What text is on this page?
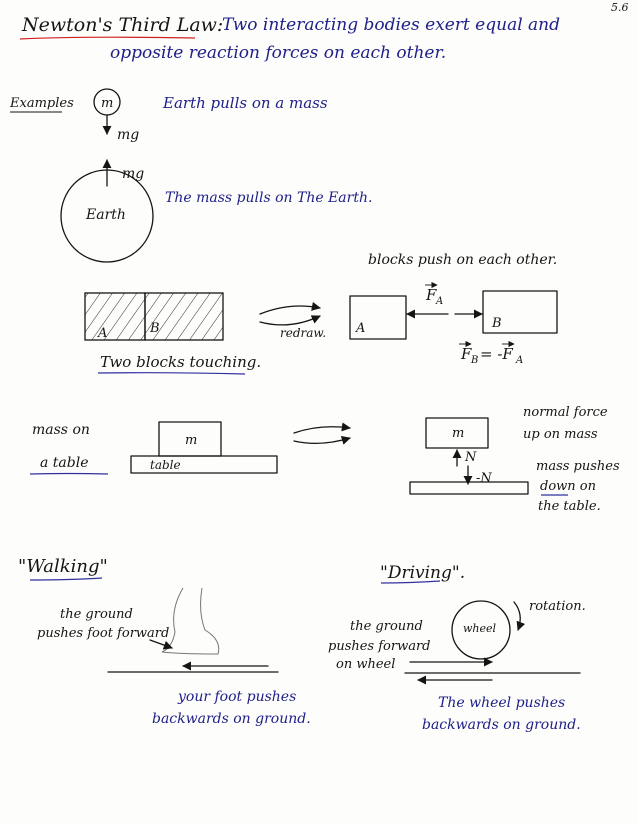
5.6
Newton's Third Law:
Two interacting bodies exert equal and
opposite reaction forces on each other.
Examples m
mg
Earth pulls on a mass
mg
Earth
The mass pulls on The Earth.
A	B
Two blocks touching.
redraw.
blocks push on each other.
A	B
F A
F B = -F A
mass on
a table
m
table
m
N
-N
normal force
up on mass
mass pushes
down on
the table.
"Walking"
the ground
pushes foot forward
your foot pushes
backwards on ground.
"Driving".
wheel
rotation.
the ground
pushes forward
on wheel
The wheel pushes
backwards on ground.
